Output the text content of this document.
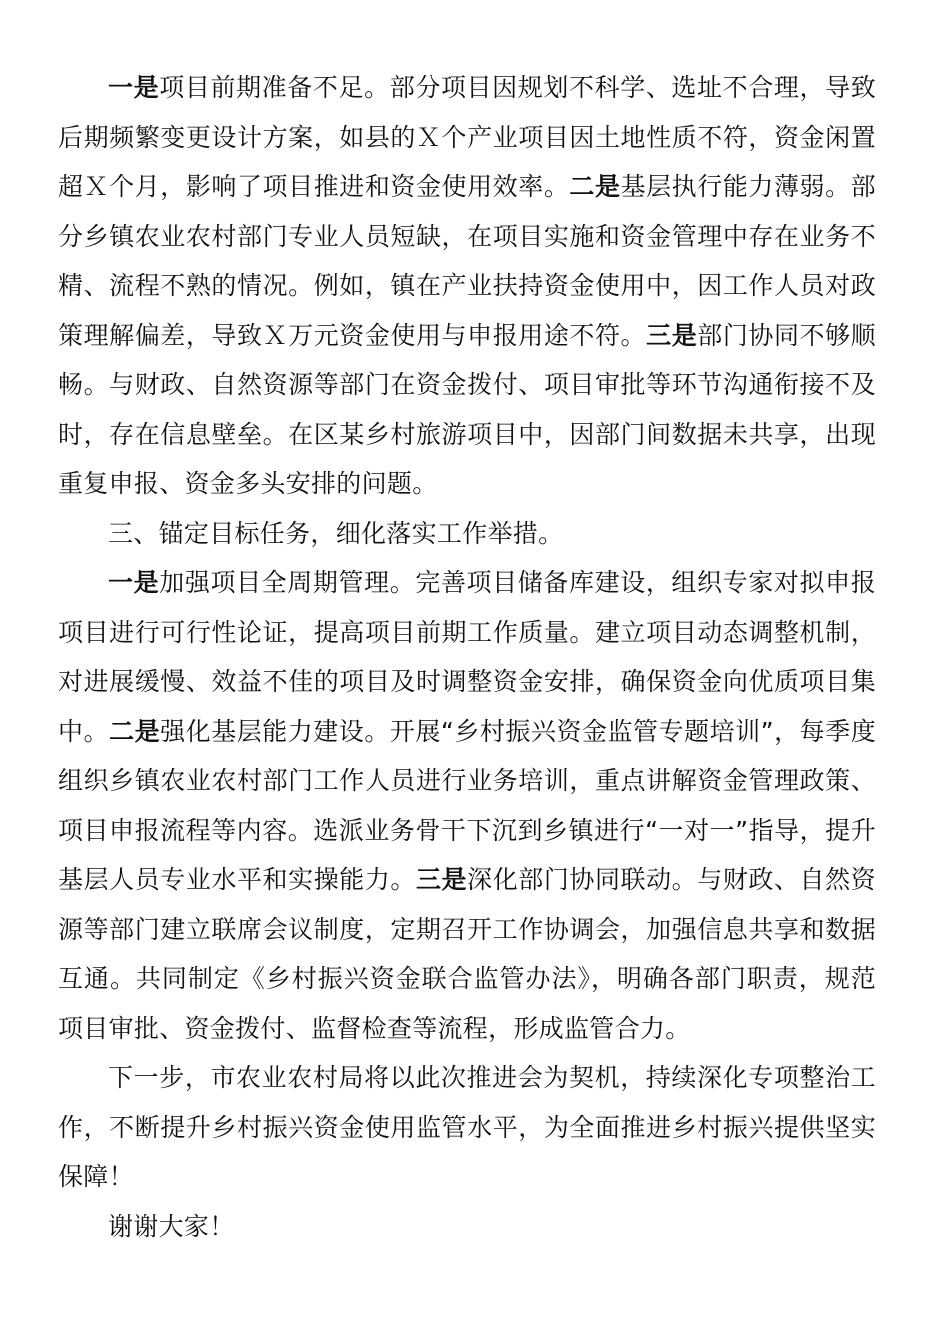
一是项目前期准备不足。部分项目因规划不科学、选址不合理，导致后期频繁变更设计方案，如县的Ｘ个产业项目因土地性质不符，资金闲置超Ｘ个月，影响了项目推进和资金使用效率。二是基层执行能力薄弱。部分乡镇农业农村部门专业人员短缺，在项目实施和资金管理中存在业务不精、流程不熟的情况。例如，镇在产业扶持资金使用中，因工作人员对政策理解偏差，导致Ｘ万元资金使用与申报用途不符。三是部门协同不够顺畅。与财政、自然资源等部门在资金拨付、项目审批等环节沟通衔接不及时，存在信息壁垒。在区某乡村旅游项目中，因部门间数据未共享，出现重复申报、资金多头安排的问题。

三、锚定目标任务，细化落实工作举措。

一是加强项目全周期管理。完善项目储备库建设，组织专家对拟申报项目进行可行性论证，提高项目前期工作质量。建立项目动态调整机制，对进展缓慢、效益不佳的项目及时调整资金安排，确保资金向优质项目集中。二是强化基层能力建设。开展“乡村振兴资金监管专题培训”，每季度组织乡镇农业农村部门工作人员进行业务培训，重点讲解资金管理政策、项目申报流程等内容。选派业务骨干下沉到乡镇进行“一对一”指导，提升基层人员专业水平和实操能力。三是深化部门协同联动。与财政、自然资源等部门建立联席会议制度，定期召开工作协调会，加强信息共享和数据互通。共同制定《乡村振兴资金联合监管办法》，明确各部门职责，规范项目审批、资金拨付、监督检查等流程，形成监管合力。

下一步，市农业农村局将以此次推进会为契机，持续深化专项整治工作，不断提升乡村振兴资金使用监管水平，为全面推进乡村振兴提供坚实保障！

谢谢大家！
